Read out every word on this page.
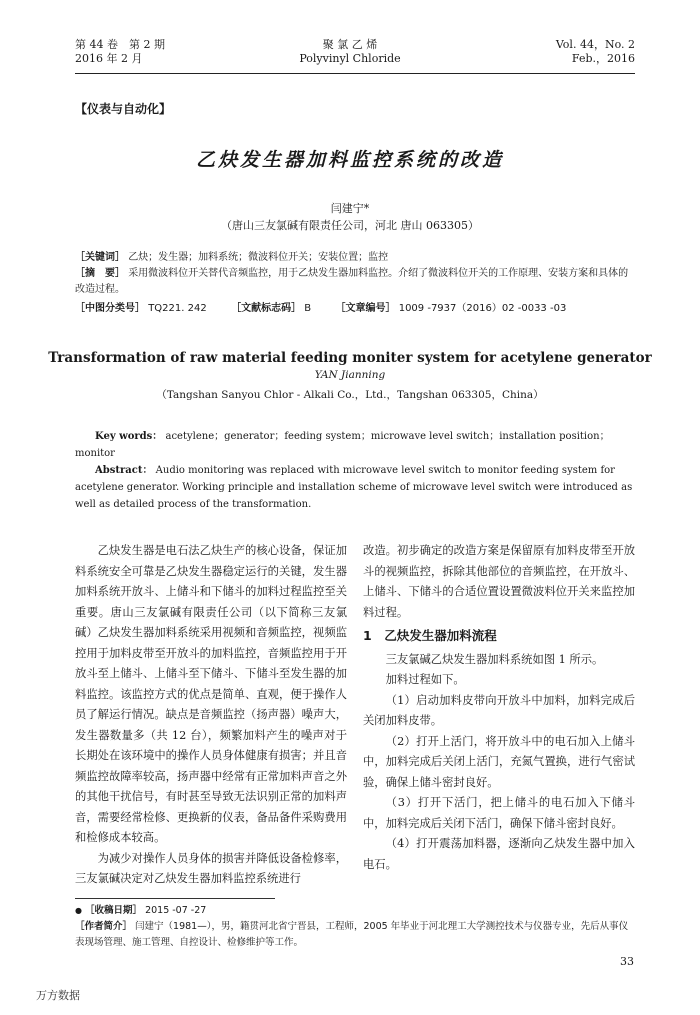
第 44 卷　第 2 期
2016 年 2 月
聚 氯 乙 烯
Polyvinyl Chloride
Vol. 44，No. 2
Feb.，2016
【仪表与自动化】
乙炔发生器加料监控系统的改造
闫建宁*
（唐山三友氯碱有限责任公司，河北 唐山 063305）
［关键词］ 乙炔；发生器；加料系统；微波料位开关；安装位置；监控
［摘　要］ 采用微波料位开关替代音频监控，用于乙炔发生器加料监控。介绍了微波料位开关的工作原理、安装方案和具体的改造过程。
［中图分类号］ TQ221. 242 ［文献标志码］ B ［文章编号］ 1009 -7937（2016）02 -0033 -03
Transformation of raw material feeding moniter system for acetylene generator
YAN Jianning
（Tangshan Sanyou Chlor - Alkali Co.，Ltd.，Tangshan 063305，China）
Key words： acetylene；generator；feeding system；microwave level switch；installation position；monitor
Abstract： Audio monitoring was replaced with microwave level switch to monitor feeding system for acetylene generator. Working principle and installation scheme of microwave level switch were introduced as well as detailed process of the transformation.

乙炔发生器是电石法乙炔生产的核心设备，保证加料系统安全可靠是乙炔发生器稳定运行的关键，发生器加料系统开放斗、上储斗和下储斗的加料过程监控至关重要。唐山三友氯碱有限责任公司（以下简称三友氯碱）乙炔发生器加料系统采用视频和音频监控，视频监控用于加料皮带至开放斗的加料监控，音频监控用于开放斗至上储斗、上储斗至下储斗、下储斗至发生器的加料监控。该监控方式的优点是简单、直观，便于操作人员了解运行情况。缺点是音频监控（扬声器）噪声大，发生器数量多（共 12 台），频繁加料产生的噪声对于长期处在该环境中的操作人员身体健康有损害；并且音频监控故障率较高，扬声器中经常有正常加料声音之外的其他干扰信号，有时甚至导致无法识别正常的加料声音，需要经常检修、更换新的仪表，备品备件采购费用和检修成本较高。

为减少对操作人员身体的损害并降低设备检修率，三友氯碱决定对乙炔发生器加料监控系统进行

改造。初步确定的改造方案是保留原有加料皮带至开放斗的视频监控，拆除其他部位的音频监控，在开放斗、上储斗、下储斗的合适位置设置微波料位开关来监控加料过程。

1　乙炔发生器加料流程

三友氯碱乙炔发生器加料系统如图 1 所示。

加料过程如下。

（1）启动加料皮带向开放斗中加料，加料完成后关闭加料皮带。

（2）打开上活门，将开放斗中的电石加入上储斗中，加料完成后关闭上活门，充氮气置换，进行气密试验，确保上储斗密封良好。

（3）打开下活门，把上储斗的电石加入下储斗中，加料完成后关闭下活门，确保下储斗密封良好。

（4）打开震荡加料器，逐渐向乙炔发生器中加入电石。

● ［收稿日期］ 2015 -07 -27
［作者简介］ 闫建宁（1981—），男，籍贯河北省宁晋县，工程师，2005 年毕业于河北理工大学测控技术与仪器专业，先后从事仪表现场管理、施工管理、自控设计、检修维护等工作。
33
万方数据
